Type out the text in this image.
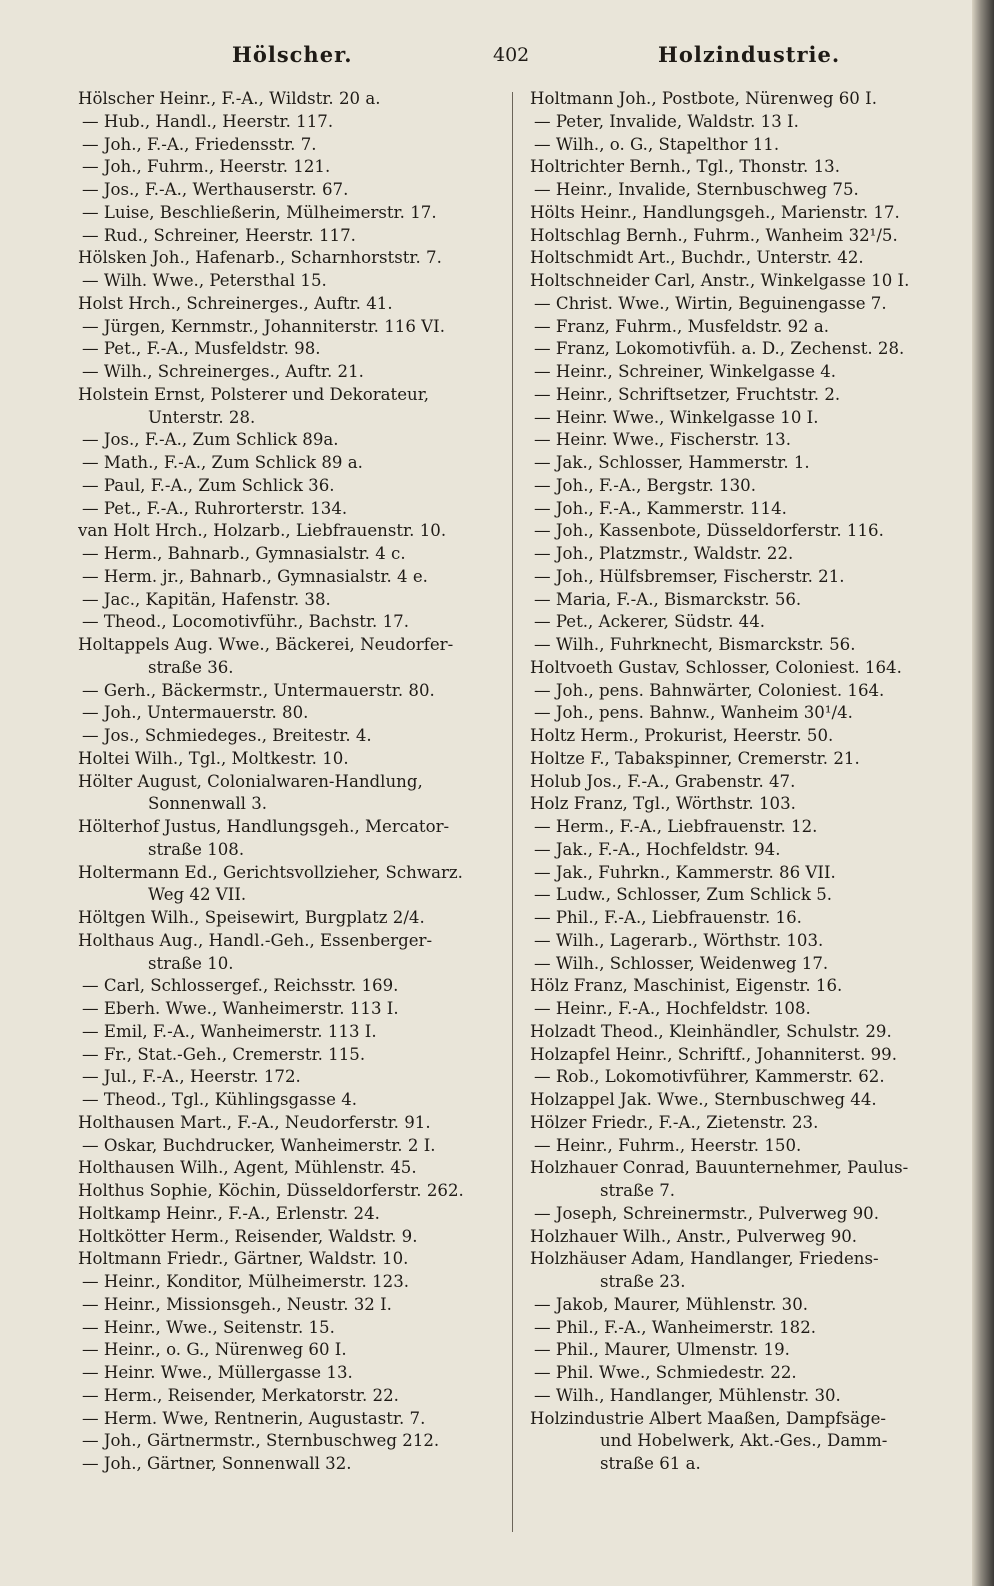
Hölscher.	402	Holzindustrie.
Hölscher Heinr., F.-A., Wildstr. 20 a.
— Hub., Handl., Heerstr. 117.
— Joh., F.-A., Friedensstr. 7.
— Joh., Fuhrm., Heerstr. 121.
— Jos., F.-A., Werthauserstr. 67.
— Luise, Beschließerin, Mülheimerstr. 17.
— Rud., Schreiner, Heerstr. 117.
Hölsken Joh., Hafenarb., Scharnhorststr. 7.
— Wilh. Wwe., Petersthal 15.
Holst Hrch., Schreinerges., Auftr. 41.
— Jürgen, Kernmstr., Johanniterstr. 116 VI.
— Pet., F.-A., Musfeldstr. 98.
— Wilh., Schreinerges., Auftr. 21.
Holstein Ernst, Polsterer und Dekorateur,
Unterstr. 28.
— Jos., F.-A., Zum Schlick 89a.
— Math., F.-A., Zum Schlick 89 a.
— Paul, F.-A., Zum Schlick 36.
— Pet., F.-A., Ruhrorterstr. 134.
van Holt Hrch., Holzarb., Liebfrauenstr. 10.
— Herm., Bahnarb., Gymnasialstr. 4 c.
— Herm. jr., Bahnarb., Gymnasialstr. 4 e.
— Jac., Kapitän, Hafenstr. 38.
— Theod., Locomotivführ., Bachstr. 17.
Holtappels Aug. Wwe., Bäckerei, Neudorfer-
straße 36.
— Gerh., Bäckermstr., Untermauerstr. 80.
— Joh., Untermauerstr. 80.
— Jos., Schmiedeges., Breitestr. 4.
Holtei Wilh., Tgl., Moltkestr. 10.
Hölter August, Colonialwaren-Handlung,
Sonnenwall 3.
Hölterhof Justus, Handlungsgeh., Mercator-
straße 108.
Holtermann Ed., Gerichtsvollzieher, Schwarz.
Weg 42 VII.
Höltgen Wilh., Speisewirt, Burgplatz 2/4.
Holthaus Aug., Handl.-Geh., Essenberger-
straße 10.
— Carl, Schlossergef., Reichsstr. 169.
— Eberh. Wwe., Wanheimerstr. 113 I.
— Emil, F.-A., Wanheimerstr. 113 I.
— Fr., Stat.-Geh., Cremerstr. 115.
— Jul., F.-A., Heerstr. 172.
— Theod., Tgl., Kühlingsgasse 4.
Holthausen Mart., F.-A., Neudorferstr. 91.
— Oskar, Buchdrucker, Wanheimerstr. 2 I.
Holthausen Wilh., Agent, Mühlenstr. 45.
Holthus Sophie, Köchin, Düsseldorferstr. 262.
Holtkamp Heinr., F.-A., Erlenstr. 24.
Holtkötter Herm., Reisender, Waldstr. 9.
Holtmann Friedr., Gärtner, Waldstr. 10.
— Heinr., Konditor, Mülheimerstr. 123.
— Heinr., Missionsgeh., Neustr. 32 I.
— Heinr., Wwe., Seitenstr. 15.
— Heinr., o. G., Nürenweg 60 I.
— Heinr. Wwe., Müllergasse 13.
— Herm., Reisender, Merkatorstr. 22.
— Herm. Wwe, Rentnerin, Augustastr. 7.
— Joh., Gärtnermstr., Sternbuschweg 212.
— Joh., Gärtner, Sonnenwall 32.
Holtmann Joh., Postbote, Nürenweg 60 I.
— Peter, Invalide, Waldstr. 13 I.
— Wilh., o. G., Stapelthor 11.
Holtrichter Bernh., Tgl., Thonstr. 13.
— Heinr., Invalide, Sternbuschweg 75.
Hölts Heinr., Handlungsgeh., Marienstr. 17.
Holtschlag Bernh., Fuhrm., Wanheim 32¹/5.
Holtschmidt Art., Buchdr., Unterstr. 42.
Holtschneider Carl, Anstr., Winkelgasse 10 I.
— Christ. Wwe., Wirtin, Beguinengasse 7.
— Franz, Fuhrm., Musfeldstr. 92 a.
— Franz, Lokomotivfüh. a. D., Zechenst. 28.
— Heinr., Schreiner, Winkelgasse 4.
— Heinr., Schriftsetzer, Fruchtstr. 2.
— Heinr. Wwe., Winkelgasse 10 I.
— Heinr. Wwe., Fischerstr. 13.
— Jak., Schlosser, Hammerstr. 1.
— Joh., F.-A., Bergstr. 130.
— Joh., F.-A., Kammerstr. 114.
— Joh., Kassenbote, Düsseldorferstr. 116.
— Joh., Platzmstr., Waldstr. 22.
— Joh., Hülfsbremser, Fischerstr. 21.
— Maria, F.-A., Bismarckstr. 56.
— Pet., Ackerer, Südstr. 44.
— Wilh., Fuhrknecht, Bismarckstr. 56.
Holtvoeth Gustav, Schlosser, Coloniest. 164.
— Joh., pens. Bahnwärter, Coloniest. 164.
— Joh., pens. Bahnw., Wanheim 30¹/4.
Holtz Herm., Prokurist, Heerstr. 50.
Holtze F., Tabakspinner, Cremerstr. 21.
Holub Jos., F.-A., Grabenstr. 47.
Holz Franz, Tgl., Wörthstr. 103.
— Herm., F.-A., Liebfrauenstr. 12.
— Jak., F.-A., Hochfeldstr. 94.
— Jak., Fuhrkn., Kammerstr. 86 VII.
— Ludw., Schlosser, Zum Schlick 5.
— Phil., F.-A., Liebfrauenstr. 16.
— Wilh., Lagerarb., Wörthstr. 103.
— Wilh., Schlosser, Weidenweg 17.
Hölz Franz, Maschinist, Eigenstr. 16.
— Heinr., F.-A., Hochfeldstr. 108.
Holzadt Theod., Kleinhändler, Schulstr. 29.
Holzapfel Heinr., Schriftf., Johanniterst. 99.
— Rob., Lokomotivführer, Kammerstr. 62.
Holzappel Jak. Wwe., Sternbuschweg 44.
Hölzer Friedr., F.-A., Zietenstr. 23.
— Heinr., Fuhrm., Heerstr. 150.
Holzhauer Conrad, Bauunternehmer, Paulus-
straße 7.
— Joseph, Schreinermstr., Pulverweg 90.
Holzhauer Wilh., Anstr., Pulverweg 90.
Holzhäuser Adam, Handlanger, Friedens-
straße 23.
— Jakob, Maurer, Mühlenstr. 30.
— Phil., F.-A., Wanheimerstr. 182.
— Phil., Maurer, Ulmenstr. 19.
— Phil. Wwe., Schmiedestr. 22.
— Wilh., Handlanger, Mühlenstr. 30.
Holzindustrie Albert Maaßen, Dampfsäge-
und Hobelwerk, Akt.-Ges., Damm-
straße 61 a.
